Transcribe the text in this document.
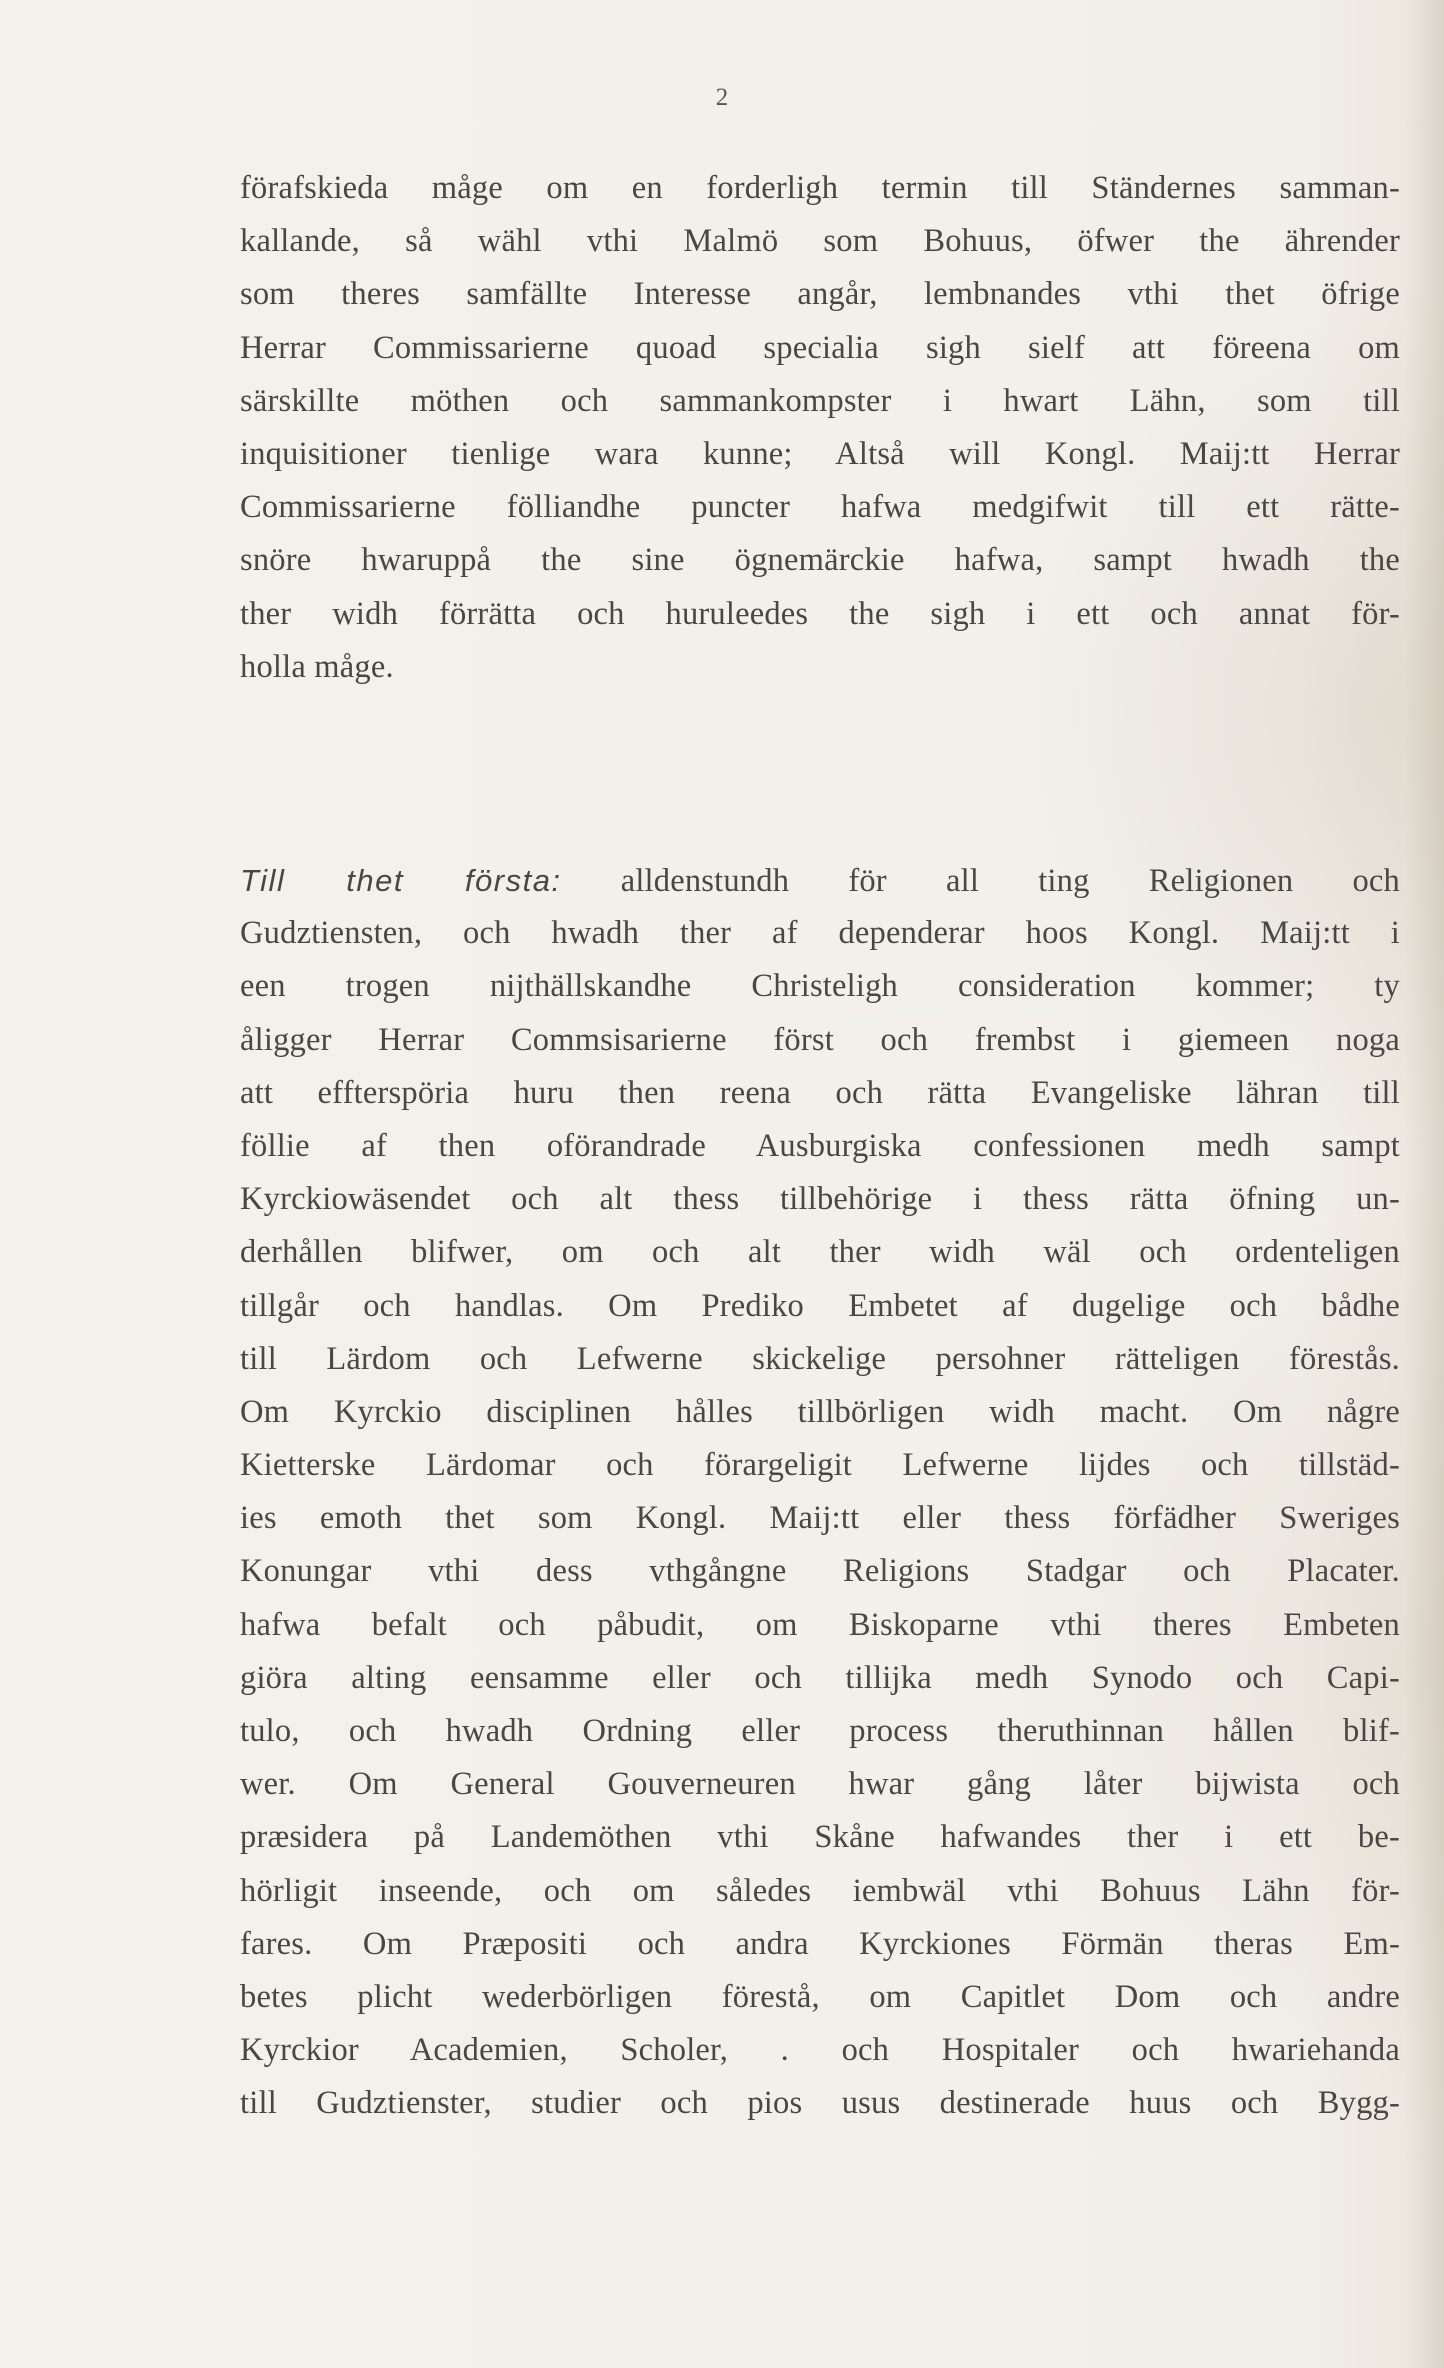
2
förafskieda måge om en forderligh termin till Ständernes samman-
kallande, så wähl vthi Malmö som Bohuus, öfwer the ährender
som theres samfällte Interesse angår, lembnandes vthi thet öfrige
Herrar Commissarierne quoad specialia sigh sielf att föreena om
särskillte möthen och sammankompster i hwart Lähn, som till
inquisitioner tienlige wara kunne; Altså will Kongl. Maij:tt Herrar
Commissarierne fölliandhe puncter hafwa medgifwit till ett rätte-
snöre hwaruppå the sine ögnemärckie hafwa, sampt hwadh the
ther widh förrätta och huruleedes the sigh i ett och annat för-
holla måge.
Till thet första: alldenstundh för all ting Religionen och
Gudztiensten, och hwadh ther af dependerar hoos Kongl. Maij:tt i
een trogen nijthällskandhe Christeligh consideration kommer; ty
åligger Herrar Commsisarierne först och frembst i giemeen noga
att effterspöria huru then reena och rätta Evangeliske lähran till
föllie af then oförandrade Ausburgiska confessionen medh sampt
Kyrckiowäsendet och alt thess tillbehörige i thess rätta öfning un-
derhållen blifwer, om och alt ther widh wäl och ordenteligen
tillgår och handlas. Om Prediko Embetet af dugelige och bådhe
till Lärdom och Lefwerne skickelige persohner rätteligen förestås.
Om Kyrckio disciplinen hålles tillbörligen widh macht. Om någre
Kietterske Lärdomar och förargeligit Lefwerne lijdes och tillstäd-
ies emoth thet som Kongl. Maij:tt eller thess förfädher Sweriges
Konungar vthi dess vthgångne Religions Stadgar och Placater.
hafwa befalt och påbudit, om Biskoparne vthi theres Embeten
giöra alting eensamme eller och tillijka medh Synodo och Capi-
tulo, och hwadh Ordning eller process theruthinnan hållen blif-
wer. Om General Gouverneuren hwar gång låter bijwista och
præsidera på Landemöthen vthi Skåne hafwandes ther i ett be-
hörligit inseende, och om således iembwäl vthi Bohuus Lähn för-
fares. Om Præpositi och andra Kyrckiones Förmän theras Em-
betes plicht wederbörligen förestå, om Capitlet Dom och andre
Kyrckior Academien, Scholer, . och Hospitaler och hwariehanda
till Gudztienster, studier och pios usus destinerade huus och Bygg-
